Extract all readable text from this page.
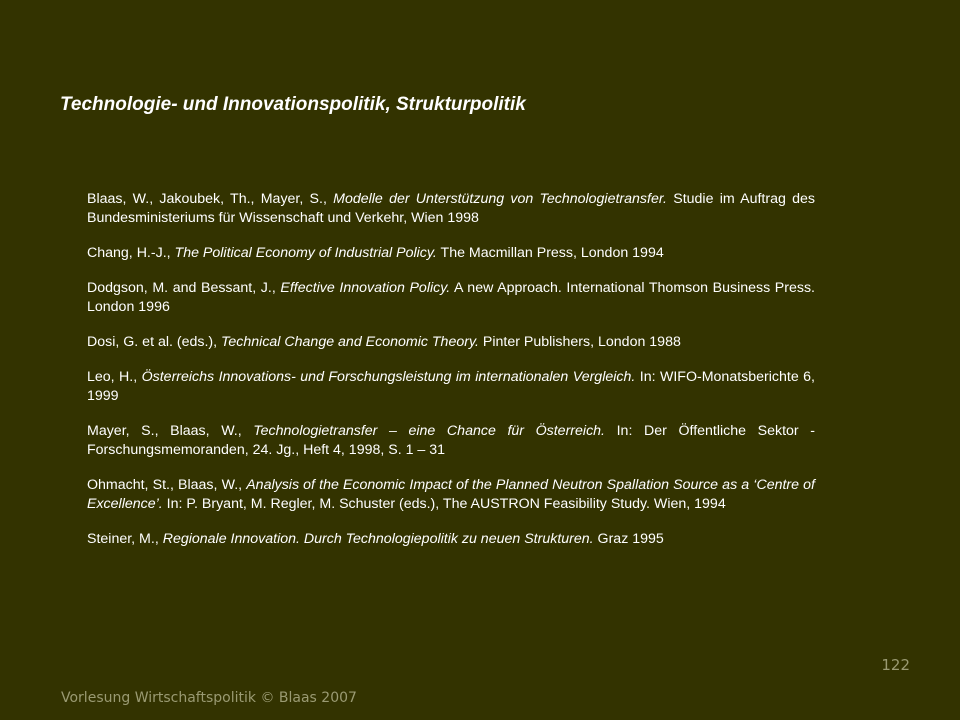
Technologie- und Innovationspolitik, Strukturpolitik

Blaas, W., Jakoubek, Th., Mayer, S., Modelle der Unterstützung von Technologietransfer. Studie im Auftrag des Bundesministeriums für Wissenschaft und Verkehr, Wien 1998

Chang, H.-J., The Political Economy of Industrial Policy. The Macmillan Press, London 1994

Dodgson, M. and Bessant, J., Effective Innovation Policy. A new Approach. International Thomson Business Press. London 1996

Dosi, G. et al. (eds.), Technical Change and Economic Theory. Pinter Publishers, London 1988

Leo, H., Österreichs Innovations- und Forschungsleistung im internationalen Vergleich. In: WIFO-Monatsberichte 6, 1999

Mayer, S., Blaas, W., Technologietransfer – eine Chance für Österreich. In: Der Öffentliche Sektor - Forschungsmemoranden, 24. Jg., Heft 4, 1998, S. 1 – 31

Ohmacht, St., Blaas, W., Analysis of the Economic Impact of the Planned Neutron Spallation Source as a ‘Centre of Excellence’. In: P. Bryant, M. Regler, M. Schuster (eds.), The AUSTRON Feasibility Study. Wien, 1994

Steiner, M., Regionale Innovation. Durch Technologiepolitik zu neuen Strukturen. Graz 1995

122
Vorlesung Wirtschaftspolitik © Blaas 2007
